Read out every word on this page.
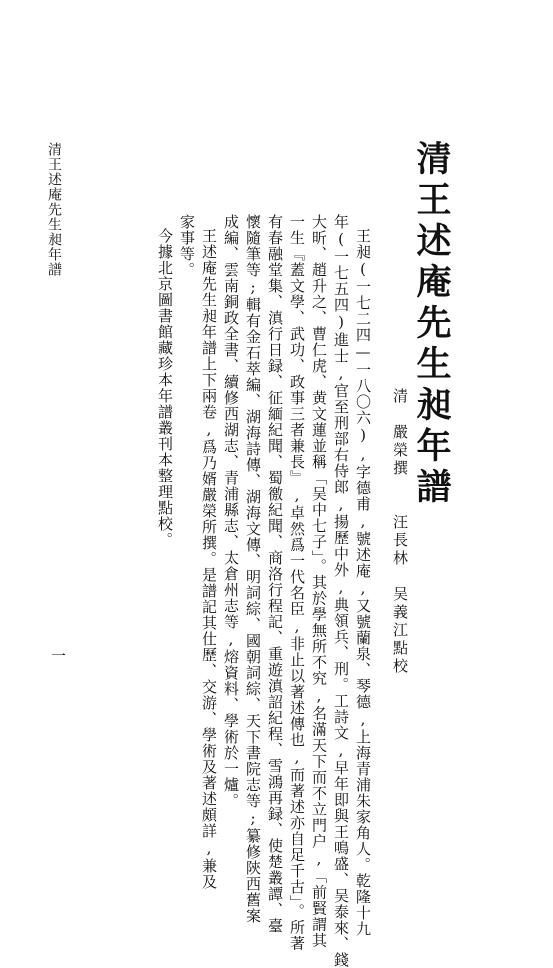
清王述庵先生昶年譜
清　嚴榮撰　　汪長林　吴義江點校
王昶(一七二四—一八〇六),字德甫,號述庵,又號蘭泉、琴德,上海青浦朱家角人。乾隆十九
年(一七五四)進士,官至刑部右侍郎,揚歷中外,典領兵、刑。工詩文,早年即與王鳴盛、吴泰來、錢
大昕、趙升之、曹仁虎、黄文蓮並稱「吴中七子」。其於學無所不究,名滿天下而不立門户,「前賢謂其
一生『蓋文學、武功、政事三者兼長』,卓然爲一代名臣,非止以著述傳也,而著述亦自足千古」。所著
有春融堂集、滇行日録、征緬紀聞、蜀徼紀聞、商洛行程記、重遊滇詔紀程、雪鴻再録、使楚叢譚、臺
懷隨筆等;輯有金石萃編、湖海詩傳、湖海文傳、明詞綜、國朝詞綜、天下書院志等;纂修陝西舊案
成編、雲南銅政全書、續修西湖志、青浦縣志、太倉州志等,熔資料、學術於一爐。
王述庵先生昶年譜上下兩卷,爲乃婿嚴榮所撰。是譜記其仕歷、交游、學術及著述頗詳,兼及
家事等。
今據北京圖書館藏珍本年譜叢刊本整理點校。
清王述庵先生昶年譜
一
